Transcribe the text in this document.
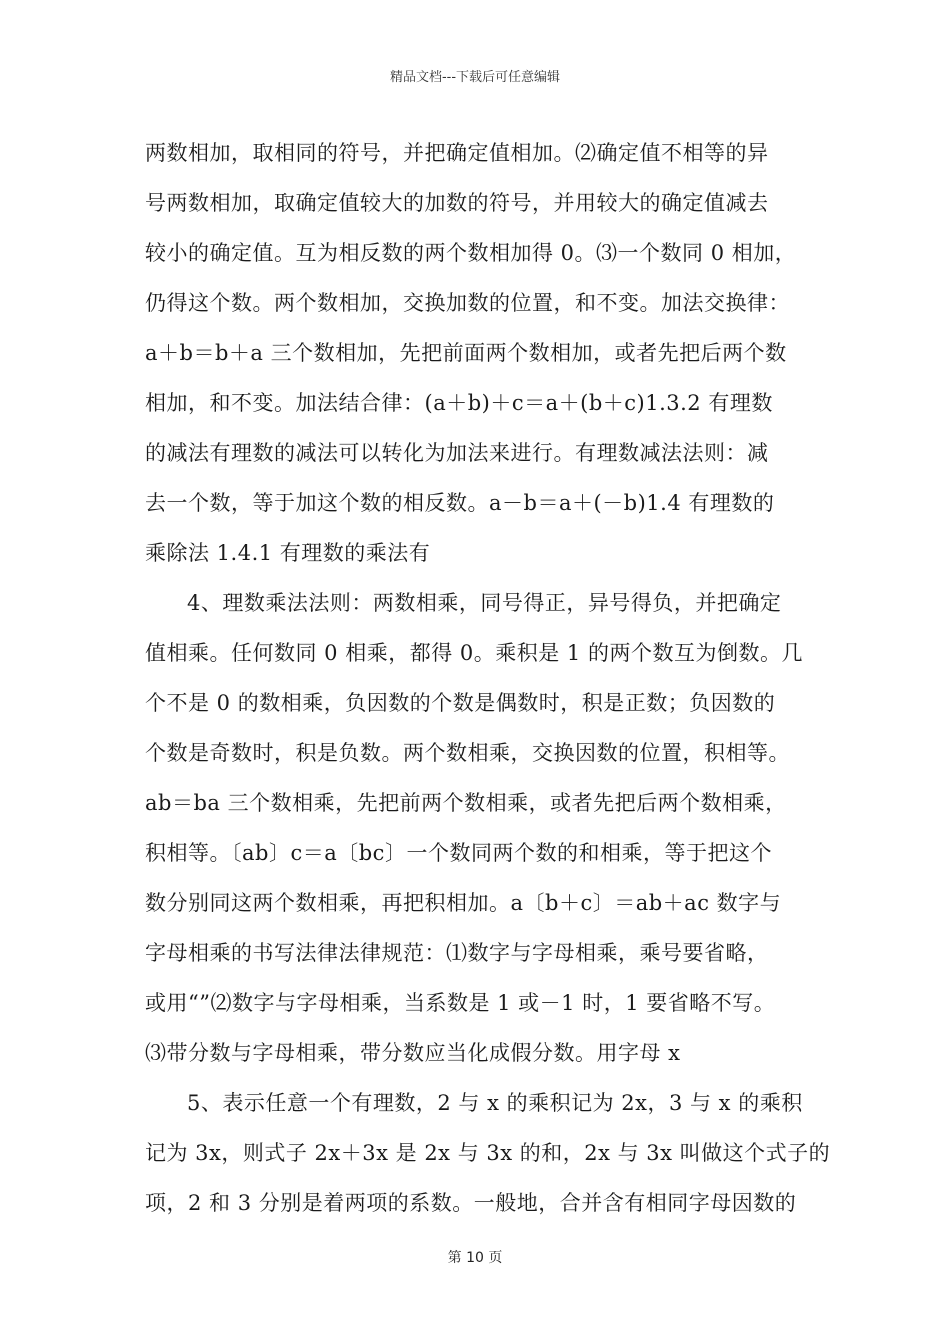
精品文档---下载后可任意编辑
两数相加，取相同的符号，并把确定值相加。⑵确定值不相等的异
号两数相加，取确定值较大的加数的符号，并用较大的确定值减去
较小的确定值。互为相反数的两个数相加得 0。⑶一个数同 0 相加，
仍得这个数。两个数相加，交换加数的位置，和不变。加法交换律：
a＋b＝b＋a 三个数相加，先把前面两个数相加，或者先把后两个数
相加，和不变。加法结合律：(a＋b)＋c＝a＋(b＋c)1.3.2 有理数
的减法有理数的减法可以转化为加法来进行。有理数减法法则：减
去一个数，等于加这个数的相反数。a－b＝a＋(－b)1.4 有理数的
乘除法 1.4.1 有理数的乘法有
4、理数乘法法则：两数相乘，同号得正，异号得负，并把确定
值相乘。任何数同 0 相乘，都得 0。乘积是 1 的两个数互为倒数。几
个不是 0 的数相乘，负因数的个数是偶数时，积是正数；负因数的
个数是奇数时，积是负数。两个数相乘，交换因数的位置，积相等。
ab＝ba 三个数相乘，先把前两个数相乘，或者先把后两个数相乘，
积相等。〔ab〕c＝a〔bc〕一个数同两个数的和相乘，等于把这个
数分别同这两个数相乘，再把积相加。a〔b＋c〕＝ab＋ac 数字与
字母相乘的书写法律法律规范：⑴数字与字母相乘，乘号要省略，
或用“”⑵数字与字母相乘，当系数是 1 或－1 时，1 要省略不写。
⑶带分数与字母相乘，带分数应当化成假分数。用字母 x
5、表示任意一个有理数，2 与 x 的乘积记为 2x，3 与 x 的乘积
记为 3x，则式子 2x＋3x 是 2x 与 3x 的和，2x 与 3x 叫做这个式子的
项，2 和 3 分别是着两项的系数。一般地，合并含有相同字母因数的
第 10 页
